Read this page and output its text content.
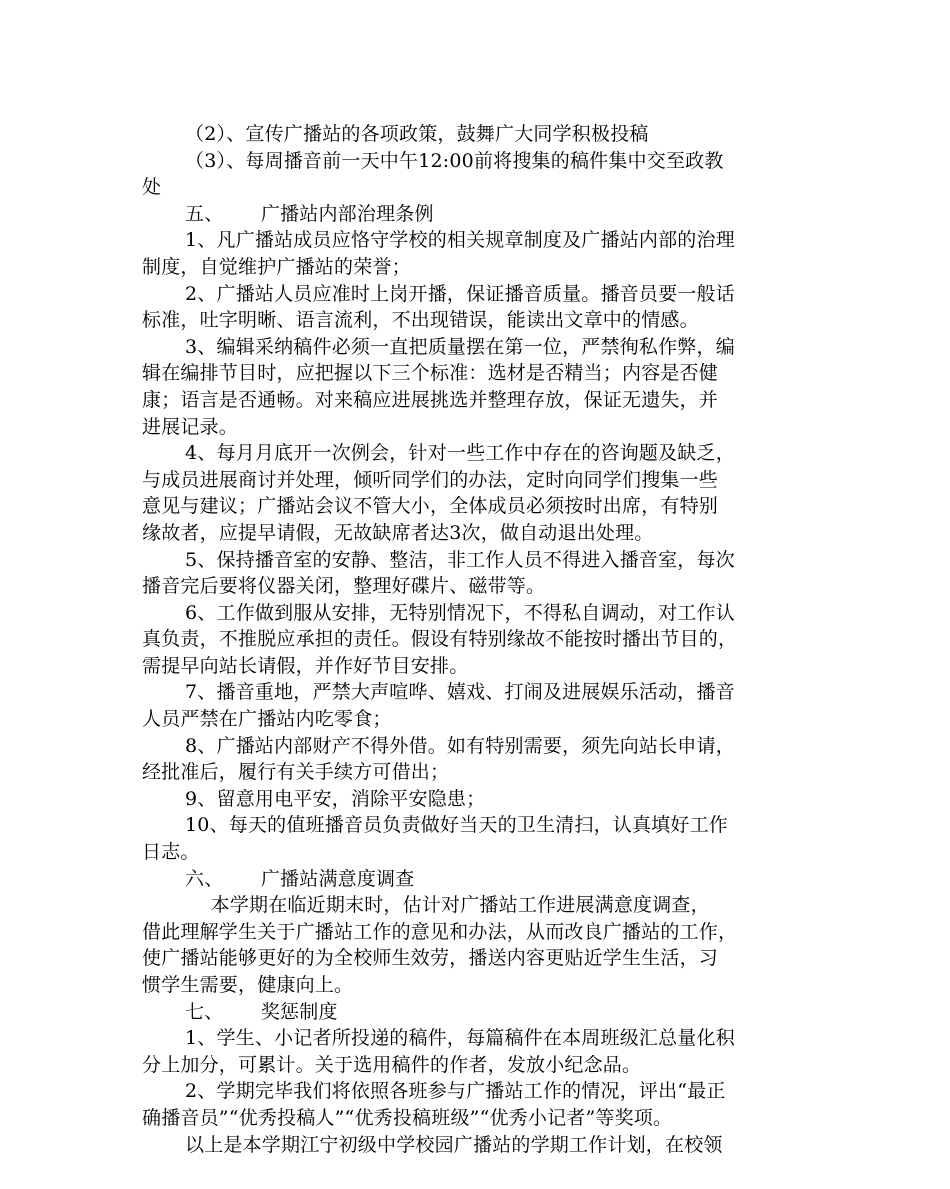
（2）、宣传广播站的各项政策，鼓舞广大同学积极投稿
（3）、每周播音前一天中午12:00前将搜集的稿件集中交至政教
处
五、      广播站内部治理条例
1、凡广播站成员应恪守学校的相关规章制度及广播站内部的治理
制度，自觉维护广播站的荣誉；
2、广播站人员应准时上岗开播，保证播音质量。播音员要一般话
标准，吐字明晰、语言流利，不出现错误，能读出文章中的情感。
3、编辑采纳稿件必须一直把质量摆在第一位，严禁徇私作弊，编
辑在编排节目时，应把握以下三个标准：选材是否精当；内容是否健
康；语言是否通畅。对来稿应进展挑选并整理存放，保证无遗失，并
进展记录。
4、每月月底开一次例会，针对一些工作中存在的咨询题及缺乏，
与成员进展商讨并处理，倾听同学们的办法，定时向同学们搜集一些
意见与建议；广播站会议不管大小，全体成员必须按时出席，有特别
缘故者，应提早请假，无故缺席者达3次，做自动退出处理。
5、保持播音室的安静、整洁，非工作人员不得进入播音室，每次
播音完后要将仪器关闭，整理好碟片、磁带等。
6、工作做到服从安排，无特别情况下，不得私自调动，对工作认
真负责，不推脱应承担的责任。假设有特别缘故不能按时播出节目的，
需提早向站长请假，并作好节目安排。
7、播音重地，严禁大声喧哗、嬉戏、打闹及进展娱乐活动，播音
人员严禁在广播站内吃零食；
8、广播站内部财产不得外借。如有特别需要，须先向站长申请，
经批准后，履行有关手续方可借出；
9、留意用电平安，消除平安隐患；
10、每天的值班播音员负责做好当天的卫生清扫，认真填好工作
日志。
六、      广播站满意度调查
本学期在临近期末时，估计对广播站工作进展满意度调查，
借此理解学生关于广播站工作的意见和办法，从而改良广播站的工作，
使广播站能够更好的为全校师生效劳，播送内容更贴近学生生活，习
惯学生需要，健康向上。
七、      奖惩制度
1、学生、小记者所投递的稿件，每篇稿件在本周班级汇总量化积
分上加分，可累计。关于选用稿件的作者，发放小纪念品。
2、学期完毕我们将依照各班参与广播站工作的情况，评出“最正
确播音员”“优秀投稿人”“优秀投稿班级”“优秀小记者”等奖项。
以上是本学期江宁初级中学校园广播站的学期工作计划，在校领
